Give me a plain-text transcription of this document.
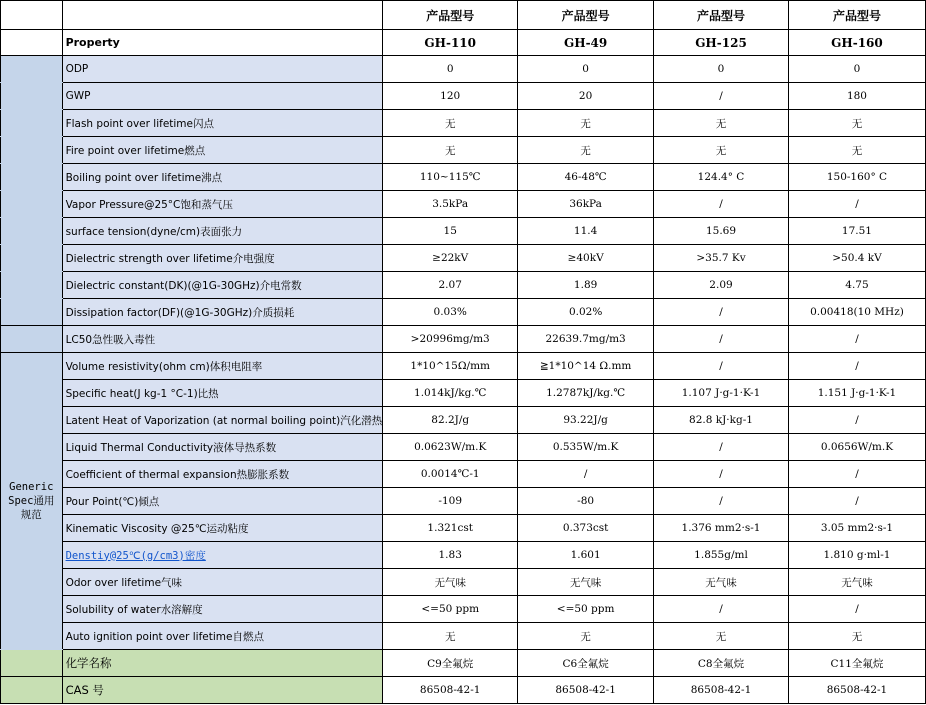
		产品型号	产品型号	产品型号	产品型号
	Property	GH-110	GH-49	GH-125	GH-160
	ODP	0	0	0	0
	GWP	120	20	/	180
	Flash point over lifetime闪点	无	无	无	无
	Fire point over lifetime燃点	无	无	无	无
	Boiling point over lifetime沸点	110~115℃	46-48℃	124.4° C	150-160° C
	Vapor Pressure@25°C饱和蒸气压	3.5kPa	36kPa	/	/
	surface tension(dyne/cm)表面张力	15	11.4	15.69	17.51
	Dielectric strength over lifetime介电强度	≥22kV	≥40kV	>35.7 Kv	>50.4 kV
	Dielectric constant(DK)(@1G-30GHz)介电常数	2.07	1.89	2.09	4.75
	Dissipation factor(DF)(@1G-30GHz)介质损耗	0.03%	0.02%	/	0.00418(10 MHz)
	LC50急性吸入毒性	>20996mg/m3	22639.7mg/m3	/	/

Generic Spec通用规范	Volume resistivity(ohm cm)体积电阻率	1*10^15Ω/mm	≧1*10^14 Ω.mm	/	/
	Specific heat(J kg-1 °C-1)比热	1.014kJ/kg.℃	1.2787kJ/kg.℃	1.107 J·g-1·K-1	1.151 J·g-1·K-1
	Latent Heat of Vaporization (at normal boiling point)汽化潜热	82.2J/g	93.22J/g	82.8 kJ·kg-1	/
	Liquid Thermal Conductivity液体导热系数	0.0623W/m.K	0.535W/m.K	/	0.0656W/m.K
	Coefficient of thermal expansion热膨胀系数	0.0014℃-1	/	/	/
	Pour Point(℃)倾点	-109	-80	/	/
	Kinematic Viscosity @25℃运动粘度	1.321cst	0.373cst	1.376 mm2·s-1	3.05 mm2·s-1
	Denstiy@25℃(g/cm3)密度	1.83	1.601	1.855g/ml	1.810 g·ml-1
	Odor over lifetime气味	无气味	无气味	无气味	无气味
	Solubility of water水溶解度	<=50 ppm	<=50 ppm	/	/
	Auto ignition point over lifetime自燃点	无	无	无	无
	化学名称	C9全氟烷	C6全氟烷	C8全氟烷	C11全氟烷
	CAS 号	86508-42-1	86508-42-1	86508-42-1	86508-42-1
